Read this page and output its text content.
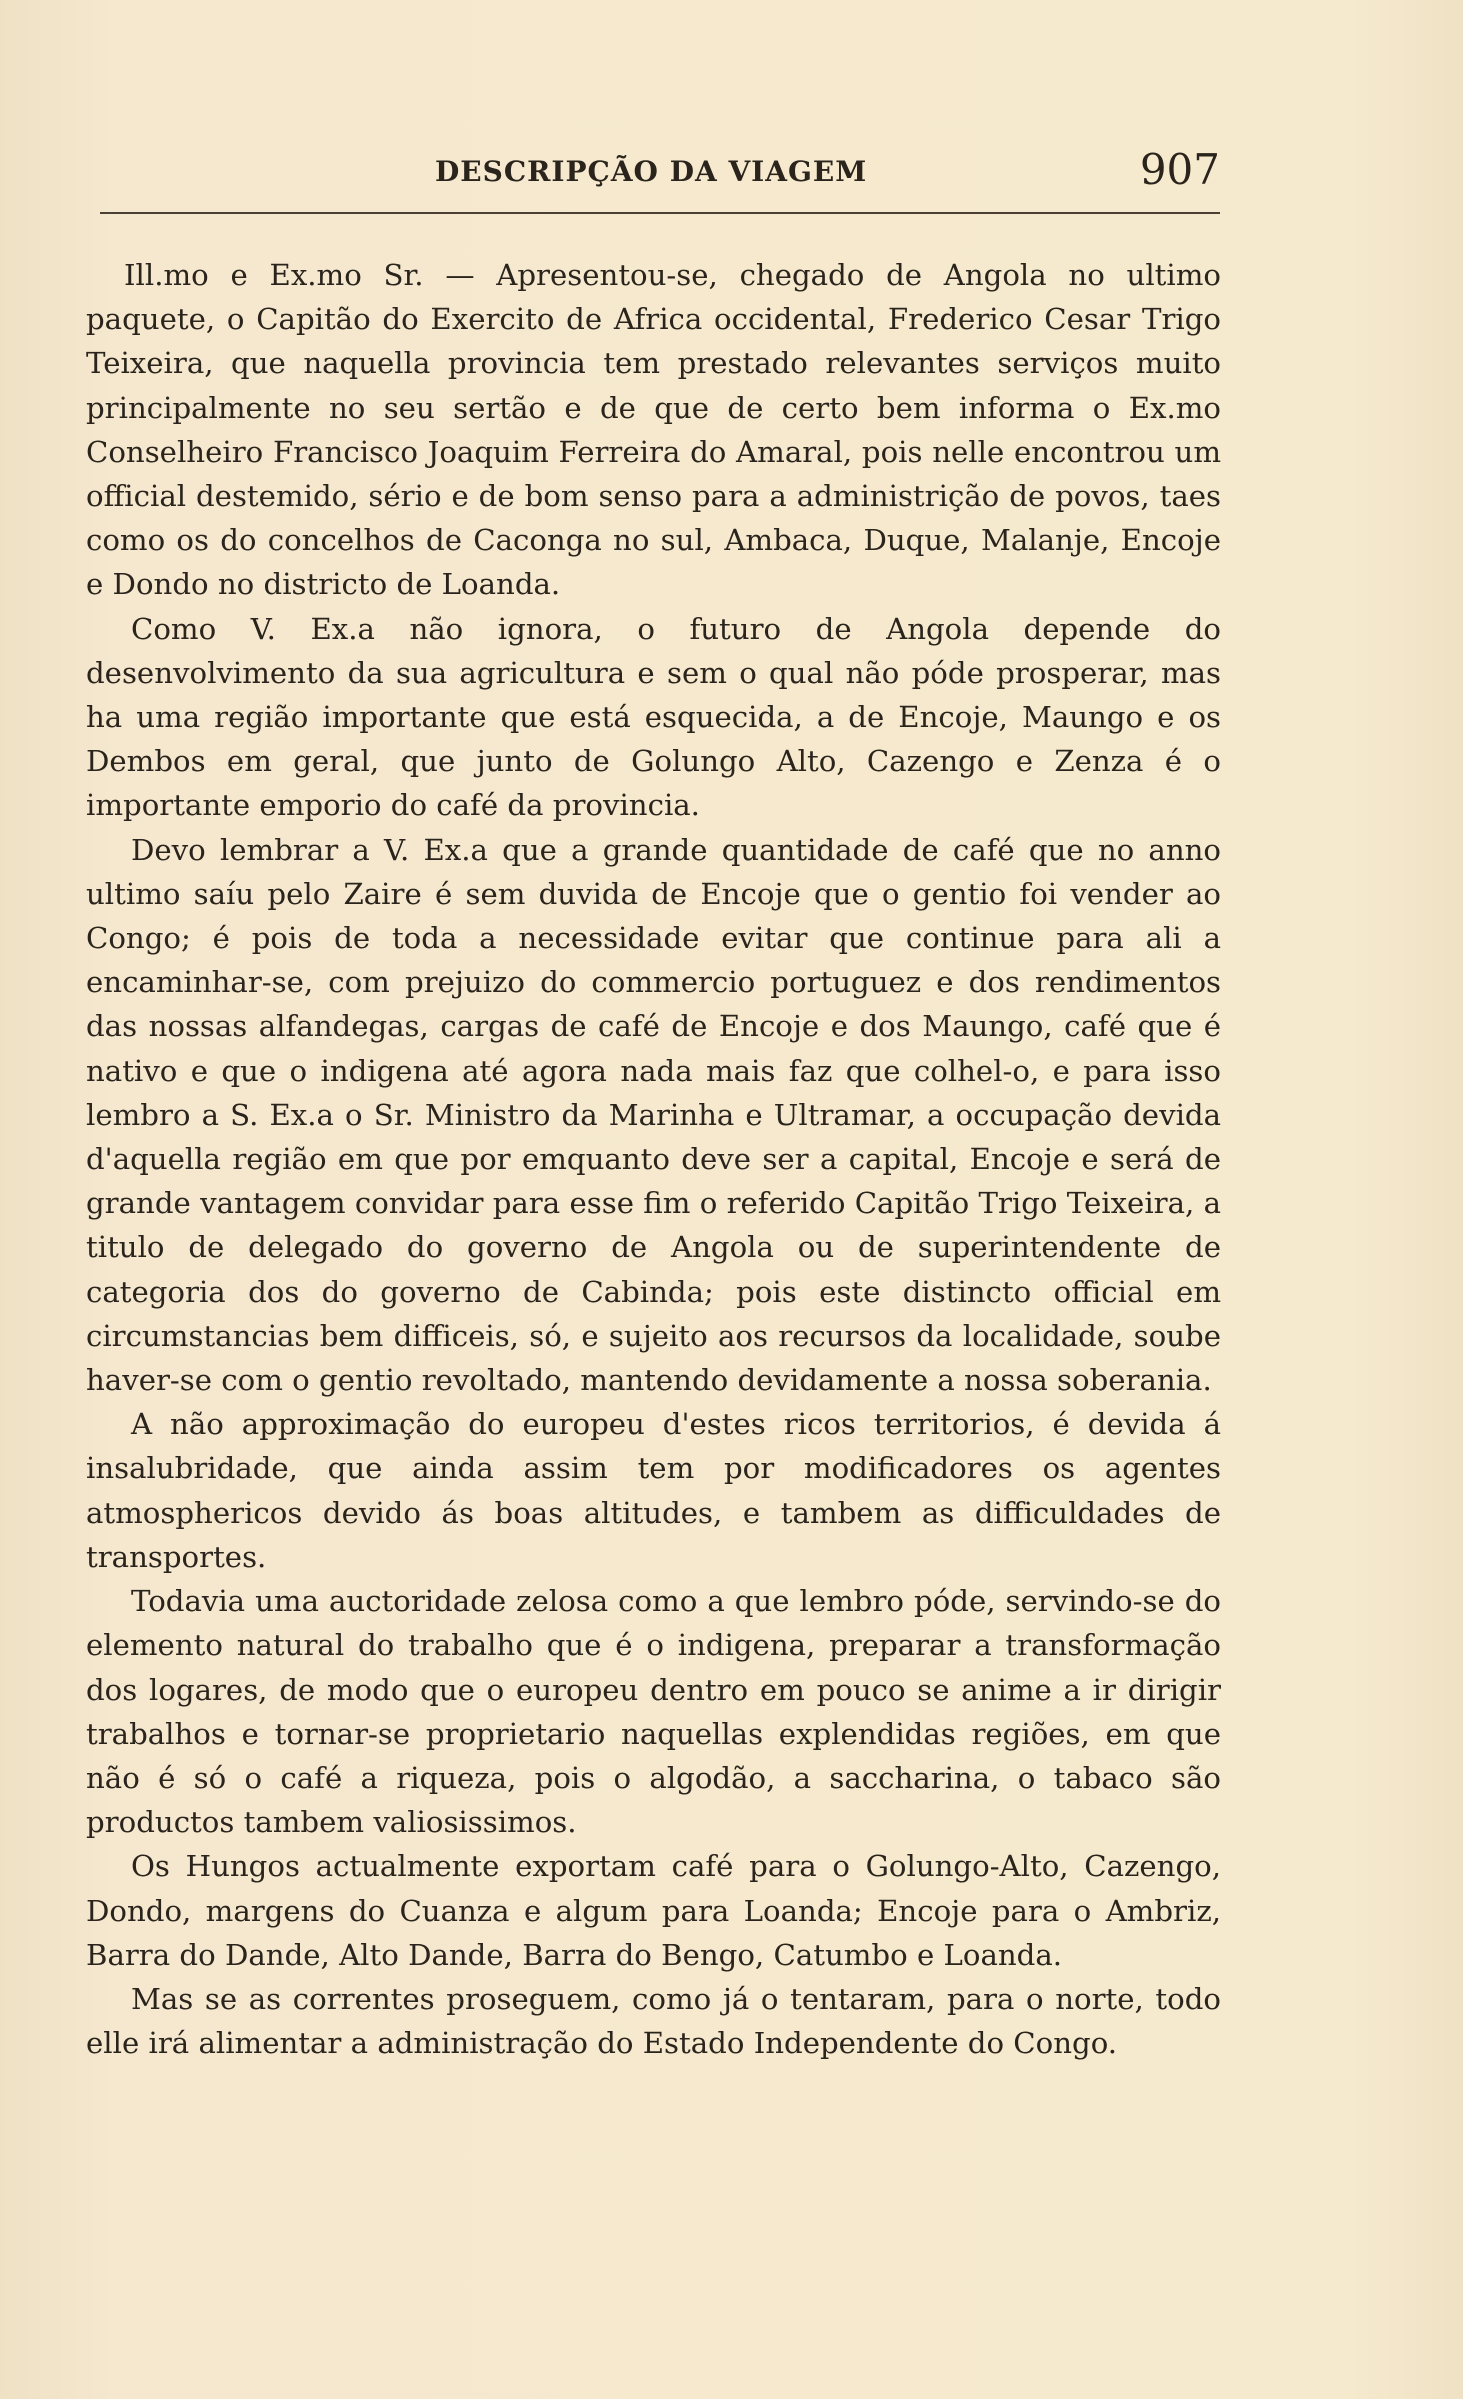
DESCRIPÇÃO DA VIAGEM	907

Ill.mo e Ex.mo Sr. — Apresentou-se, chegado de Angola no ultimo paquete, o Capitão do Exercito de Africa occidental, Frederico Cesar Trigo Teixeira, que naquella provincia tem prestado relevantes serviços muito principalmente no seu sertão e de que de certo bem informa o Ex.mo Conselheiro Francisco Joaquim Ferreira do Amaral, pois nelle encontrou um official destemido, sério e de bom senso para a administrição de povos, taes como os do concelhos de Caconga no sul, Ambaca, Duque, Malanje, Encoje e Dondo no districto de Loanda.

Como V. Ex.a não ignora, o futuro de Angola depende do desenvolvimento da sua agricultura e sem o qual não póde prosperar, mas ha uma região importante que está esquecida, a de Encoje, Maungo e os Dembos em geral, que junto de Golungo Alto, Cazengo e Zenza é o importante emporio do café da provincia.

Devo lembrar a V. Ex.a que a grande quantidade de café que no anno ultimo saíu pelo Zaire é sem duvida de Encoje que o gentio foi vender ao Congo; é pois de toda a necessidade evitar que continue para ali a encaminhar-se, com prejuizo do commercio portuguez e dos rendimentos das nossas alfandegas, cargas de café de Encoje e dos Maungo, café que é nativo e que o indigena até agora nada mais faz que colhel-o, e para isso lembro a S. Ex.a o Sr. Ministro da Marinha e Ultramar, a occupação devida d'aquella região em que por emquanto deve ser a capital, Encoje e será de grande vantagem convidar para esse fim o referido Capitão Trigo Teixeira, a titulo de delegado do governo de Angola ou de superintendente de categoria dos do governo de Cabinda; pois este distincto official em circumstancias bem difficeis, só, e sujeito aos recursos da localidade, soube haver-se com o gentio revoltado, mantendo devidamente a nossa soberania.

A não approximação do europeu d'estes ricos territorios, é devida á insalubridade, que ainda assim tem por modificadores os agentes atmosphericos devido ás boas altitudes, e tambem as difficuldades de transportes.

Todavia uma auctoridade zelosa como a que lembro póde, servindo-se do elemento natural do trabalho que é o indigena, preparar a transformação dos logares, de modo que o europeu dentro em pouco se anime a ir dirigir trabalhos e tornar-se proprietario naquellas explendidas regiões, em que não é só o café a riqueza, pois o algodão, a saccharina, o tabaco são productos tambem valiosissimos.

Os Hungos actualmente exportam café para o Golungo-Alto, Cazengo, Dondo, margens do Cuanza e algum para Loanda; Encoje para o Ambriz, Barra do Dande, Alto Dande, Barra do Bengo, Catumbo e Loanda.

Mas se as correntes proseguem, como já o tentaram, para o norte, todo elle irá alimentar a administração do Estado Independente do Congo.
